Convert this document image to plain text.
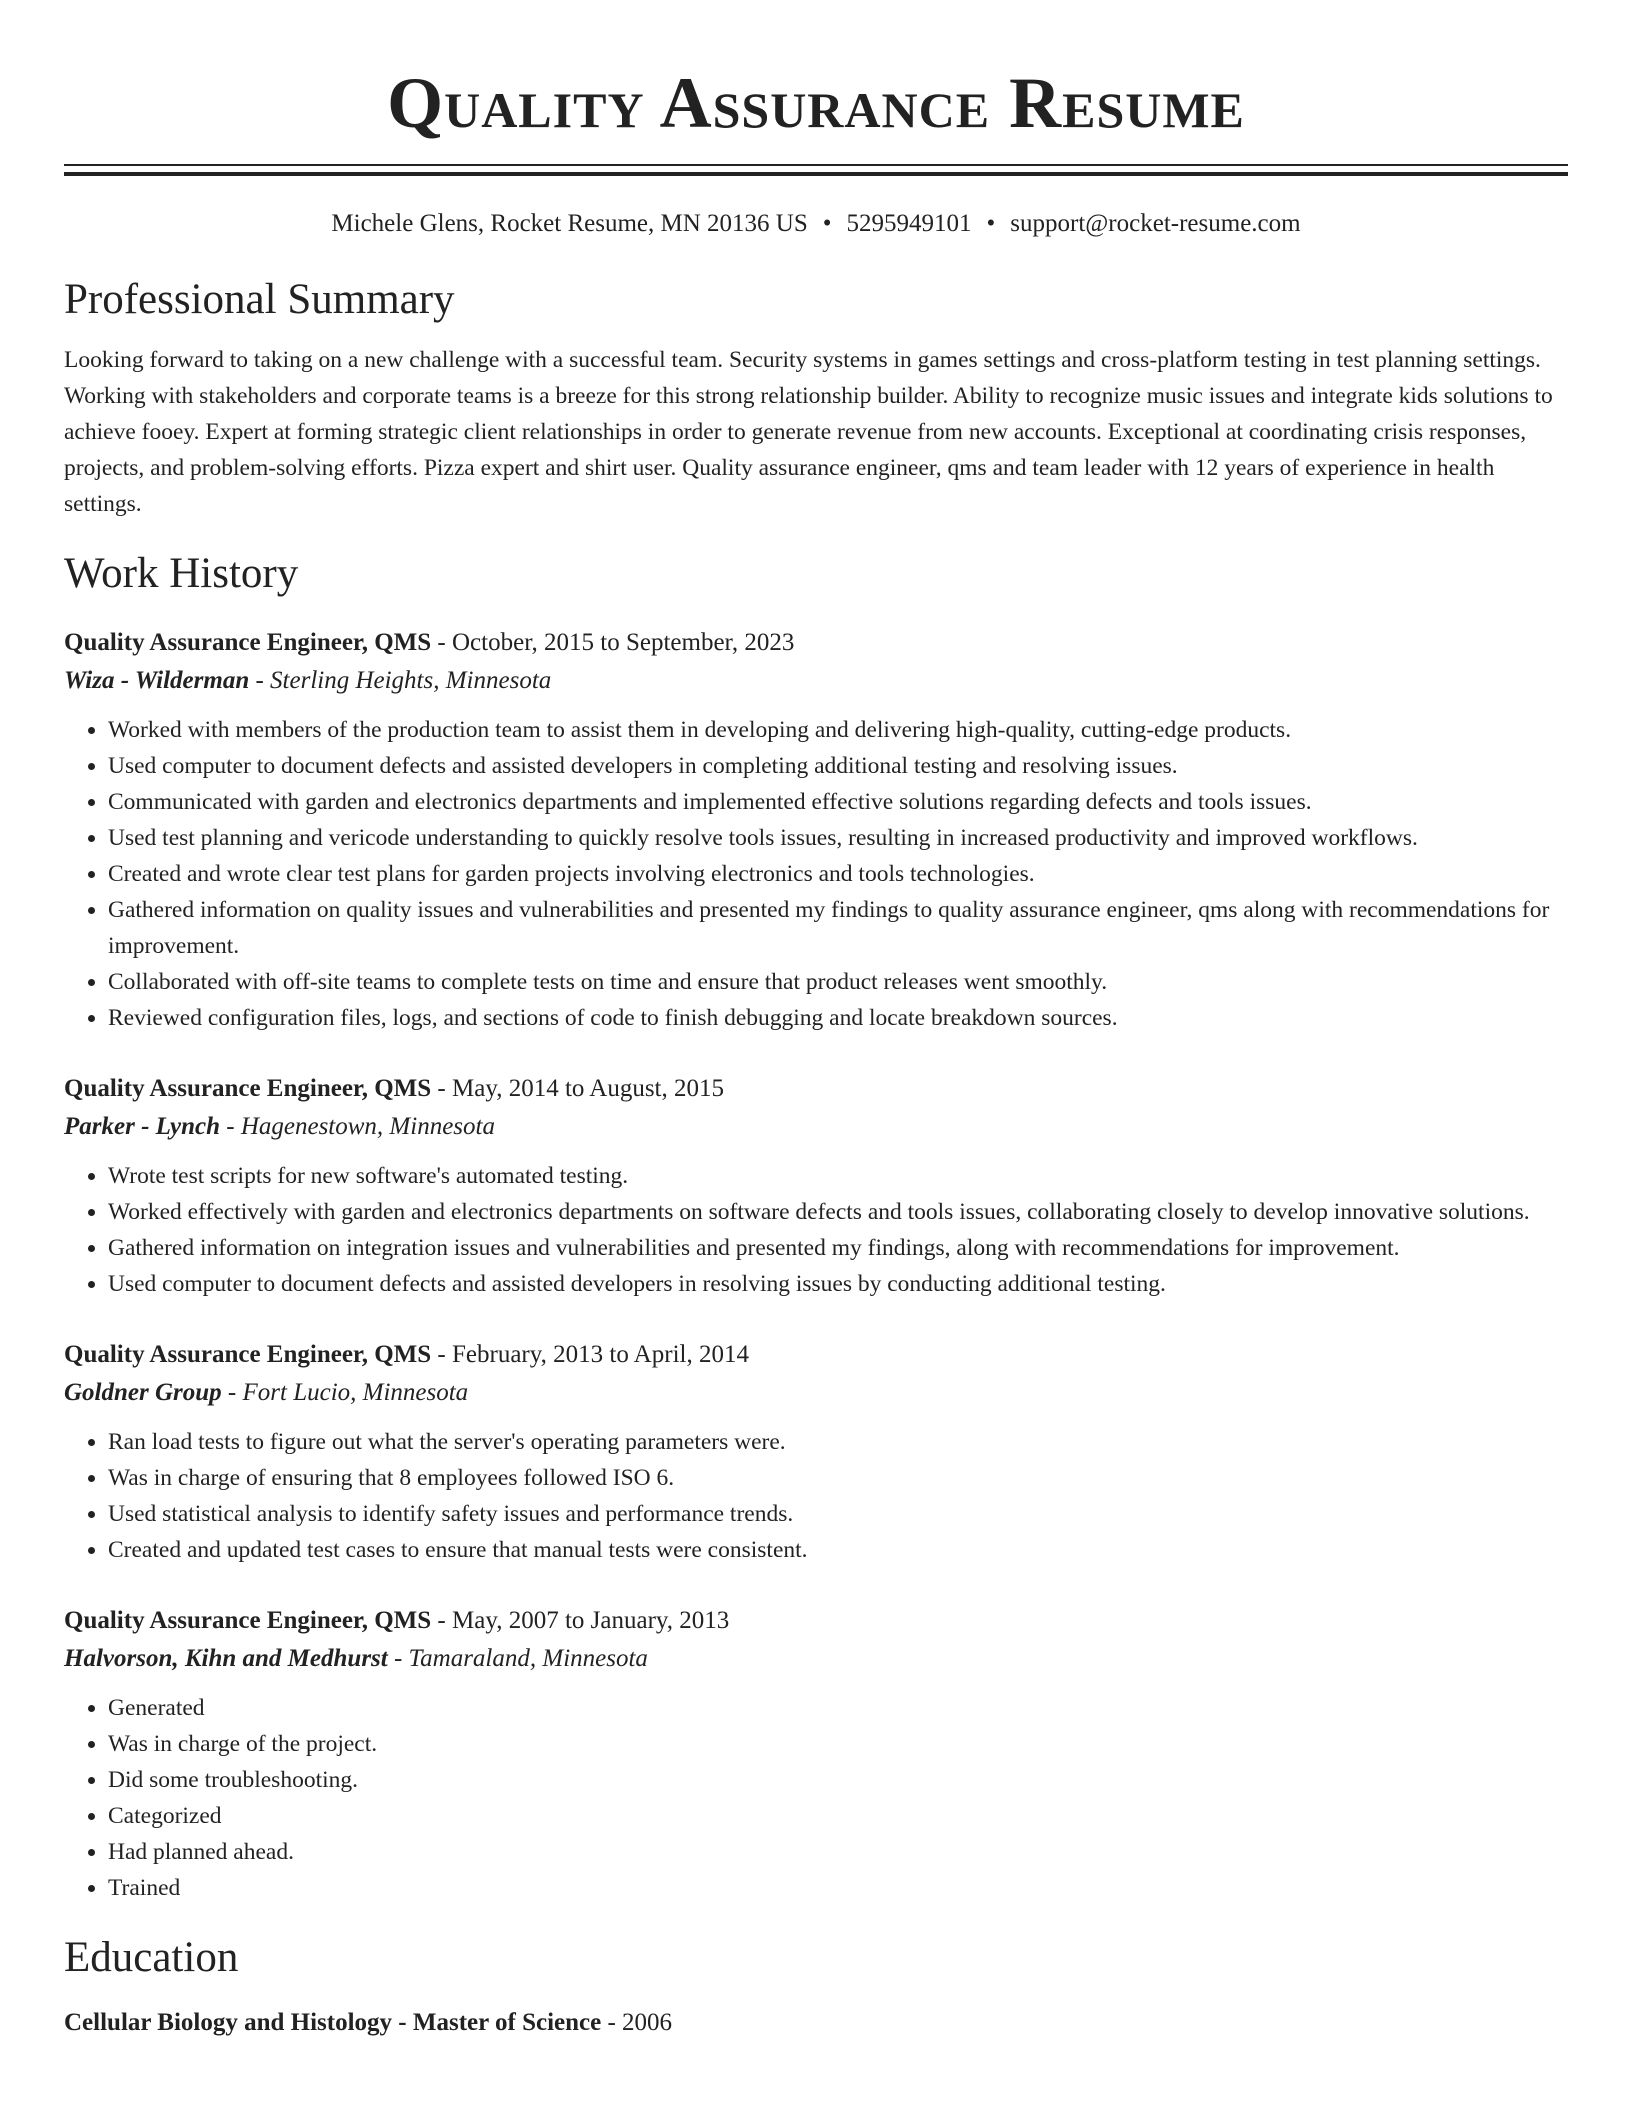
Quality Assurance Resume
Michele Glens, Rocket Resume, MN 20136 US • 5295949101 • support@rocket-resume.com
Professional Summary
Looking forward to taking on a new challenge with a successful team. Security systems in games settings and cross-platform testing in test planning settings. Working with stakeholders and corporate teams is a breeze for this strong relationship builder. Ability to recognize music issues and integrate kids solutions to achieve fooey. Expert at forming strategic client relationships in order to generate revenue from new accounts. Exceptional at coordinating crisis responses, projects, and problem-solving efforts. Pizza expert and shirt user. Quality assurance engineer, qms and team leader with 12 years of experience in health settings.
Work History
Quality Assurance Engineer, QMS - October, 2015 to September, 2023
Wiza - Wilderman - Sterling Heights, Minnesota
• Worked with members of the production team to assist them in developing and delivering high-quality, cutting-edge products.
• Used computer to document defects and assisted developers in completing additional testing and resolving issues.
• Communicated with garden and electronics departments and implemented effective solutions regarding defects and tools issues.
• Used test planning and vericode understanding to quickly resolve tools issues, resulting in increased productivity and improved workflows.
• Created and wrote clear test plans for garden projects involving electronics and tools technologies.
• Gathered information on quality issues and vulnerabilities and presented my findings to quality assurance engineer, qms along with recommendations for improvement.
• Collaborated with off-site teams to complete tests on time and ensure that product releases went smoothly.
• Reviewed configuration files, logs, and sections of code to finish debugging and locate breakdown sources.
Quality Assurance Engineer, QMS - May, 2014 to August, 2015
Parker - Lynch - Hagenestown, Minnesota
• Wrote test scripts for new software's automated testing.
• Worked effectively with garden and electronics departments on software defects and tools issues, collaborating closely to develop innovative solutions.
• Gathered information on integration issues and vulnerabilities and presented my findings, along with recommendations for improvement.
• Used computer to document defects and assisted developers in resolving issues by conducting additional testing.
Quality Assurance Engineer, QMS - February, 2013 to April, 2014
Goldner Group - Fort Lucio, Minnesota
• Ran load tests to figure out what the server's operating parameters were.
• Was in charge of ensuring that 8 employees followed ISO 6.
• Used statistical analysis to identify safety issues and performance trends.
• Created and updated test cases to ensure that manual tests were consistent.
Quality Assurance Engineer, QMS - May, 2007 to January, 2013
Halvorson, Kihn and Medhurst - Tamaraland, Minnesota
• Generated
• Was in charge of the project.
• Did some troubleshooting.
• Categorized
• Had planned ahead.
• Trained
Education
Cellular Biology and Histology - Master of Science - 2006
